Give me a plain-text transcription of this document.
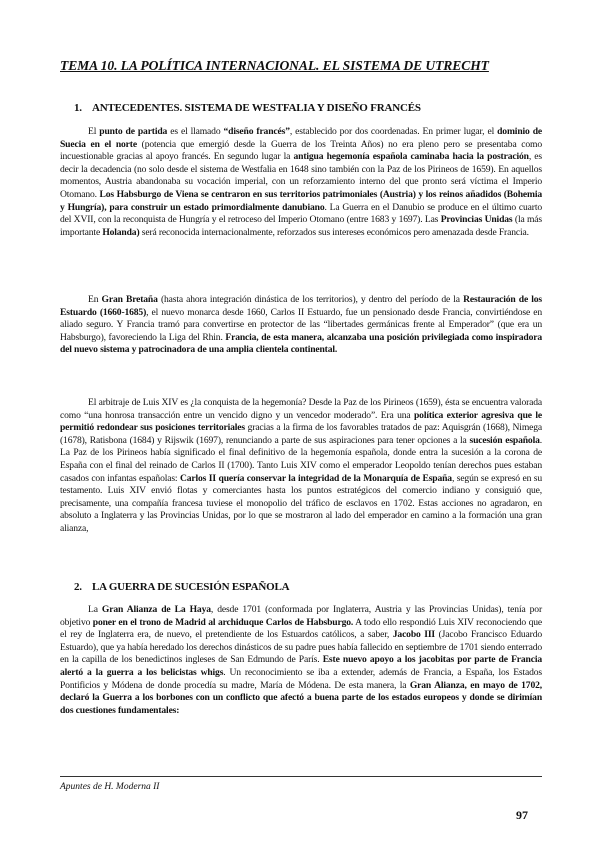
TEMA 10. LA POLÍTICA INTERNACIONAL. EL SISTEMA DE UTRECHT
1. ANTECEDENTES. SISTEMA DE WESTFALIA Y DISEÑO FRANCÉS

El punto de partida es el llamado “diseño francés”, establecido por dos coordenadas. En primer lugar, el dominio de Suecia en el norte (potencia que emergió desde la Guerra de los Treinta Años) no era pleno pero se presentaba como incuestionable gracias al apoyo francés. En segundo lugar la antigua hegemonía española caminaba hacia la postración, es decir la decadencia (no solo desde el sistema de Westfalia en 1648 sino también con la Paz de los Pirineos de 1659). En aquellos momentos, Austria abandonaba su vocación imperial, con un reforzamiento interno del que pronto será víctima el Imperio Otomano. Los Habsburgo de Viena se centraron en sus territorios patrimoniales (Austria) y los reinos añadidos (Bohemia y Hungría), para construir un estado primordialmente danubiano. La Guerra en el Danubio se produce en el último cuarto del XVII, con la reconquista de Hungría y el retroceso del Imperio Otomano (entre 1683 y 1697). Las Provincias Unidas (la más importante Holanda) será reconocida internacionalmente, reforzados sus intereses económicos pero amenazada desde Francia.

En Gran Bretaña (hasta ahora integración dinástica de los territorios), y dentro del período de la Restauración de los Estuardo (1660-1685), el nuevo monarca desde 1660, Carlos II Estuardo, fue un pensionado desde Francia, convirtiéndose en aliado seguro. Y Francia tramó para convertirse en protector de las “libertades germánicas frente al Emperador” (que era un Habsburgo), favoreciendo la Liga del Rhin. Francia, de esta manera, alcanzaba una posición privilegiada como inspiradora del nuevo sistema y patrocinadora de una amplia clientela continental.

El arbitraje de Luis XIV es ¿la conquista de la hegemonía? Desde la Paz de los Pirineos (1659), ésta se encuentra valorada como “una honrosa transacción entre un vencido digno y un vencedor moderado”. Era una política exterior agresiva que le permitió redondear sus posiciones territoriales gracias a la firma de los favorables tratados de paz: Aquisgrán (1668), Nimega (1678), Ratisbona (1684) y Rijswik (1697), renunciando a parte de sus aspiraciones para tener opciones a la sucesión española. La Paz de los Pirineos había significado el final definitivo de la hegemonía española, donde entra la sucesión a la corona de España con el final del reinado de Carlos II (1700). Tanto Luis XIV como el emperador Leopoldo tenían derechos pues estaban casados con infantas españolas: Carlos II quería conservar la integridad de la Monarquía de España, según se expresó en su testamento. Luis XIV envió flotas y comerciantes hasta los puntos estratégicos del comercio indiano y consiguió que, precisamente, una compañía francesa tuviese el monopolio del tráfico de esclavos en 1702. Estas acciones no agradaron, en absoluto a Inglaterra y las Provincias Unidas, por lo que se mostraron al lado del emperador en camino a la formación una gran alianza,

2. LA GUERRA DE SUCESIÓN ESPAÑOLA

La Gran Alianza de La Haya, desde 1701 (conformada por Inglaterra, Austria y las Provincias Unidas), tenía por objetivo poner en el trono de Madrid al archiduque Carlos de Habsburgo. A todo ello respondió Luis XIV reconociendo que el rey de Inglaterra era, de nuevo, el pretendiente de los Estuardos católicos, a saber, Jacobo III (Jacobo Francisco Eduardo Estuardo), que ya había heredado los derechos dinásticos de su padre pues había fallecido en septiembre de 1701 siendo enterrado en la capilla de los benedictinos ingleses de San Edmundo de París. Este nuevo apoyo a los jacobitas por parte de Francia alertó a la guerra a los belicistas whigs. Un reconocimiento se iba a extender, además de Francia, a España, los Estados Pontificios y Módena de donde procedía su madre, María de Módena. De esta manera, la Gran Alianza, en mayo de 1702, declaró la Guerra a los borbones con un conflicto que afectó a buena parte de los estados europeos y donde se dirimían dos cuestiones fundamentales:

Apuntes de H. Moderna II
97
